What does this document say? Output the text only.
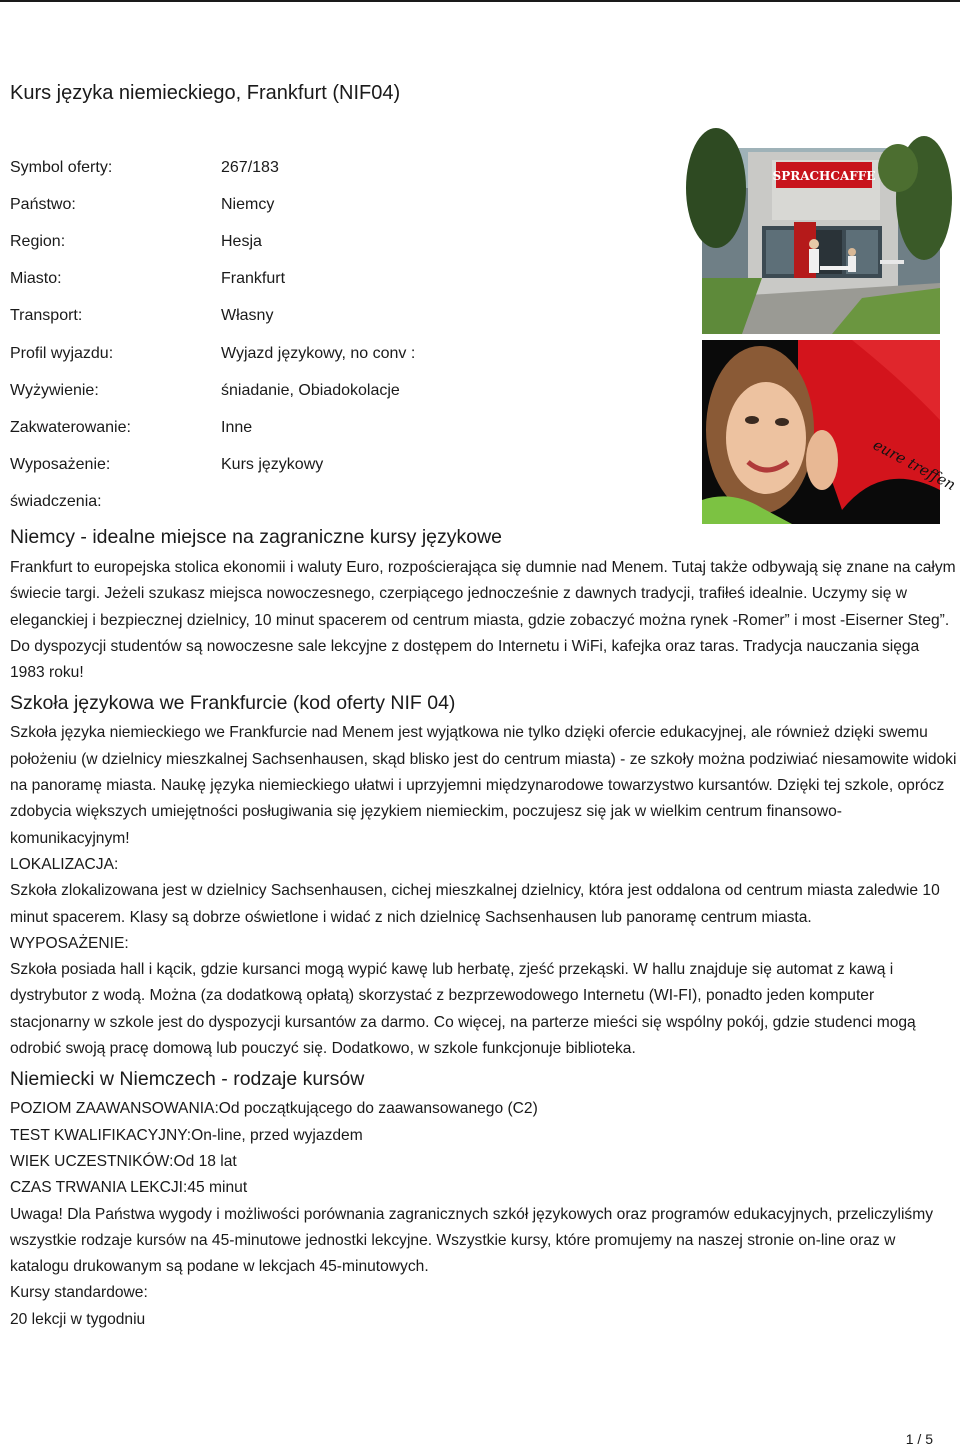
Kurs języka niemieckiego, Frankfurt (NIF04)
Symbol oferty:	267/183
Państwo:	Niemcy
Region:	Hesja
Miasto:	Frankfurt
Transport:	Własny
Profil wyjazdu:	Wyjazd językowy, no conv :
Wyżywienie:	śniadanie, Obiadokolacje
Zakwaterowanie:	Inne
Wyposażenie:	Kurs językowy
świadczenia:
SPRACHCAFFE
eure treffen
Niemcy - idealne miejsce na zagraniczne kursy językowe

Frankfurt to europejska stolica ekonomii i waluty Euro, rozpościerająca się dumnie nad Menem. Tutaj także odbywają się znane na całym świecie targi. Jeżeli szukasz miejsca nowoczesnego, czerpiącego jednocześnie z dawnych tradycji, trafiłeś idealnie. Uczymy się w eleganckiej i bezpiecznej dzielnicy, 10 minut spacerem od centrum miasta, gdzie zobaczyć można rynek -Romer” i most -Eiserner Steg”. Do dyspozycji studentów są nowoczesne sale lekcyjne z dostępem do Internetu i WiFi, kafejka oraz taras. Tradycja nauczania sięga 1983 roku!

Szkoła językowa we Frankfurcie (kod oferty NIF 04)

Szkoła języka niemieckiego we Frankfurcie nad Menem jest wyjątkowa nie tylko dzięki ofercie edukacyjnej, ale również dzięki swemu położeniu (w dzielnicy mieszkalnej Sachsenhausen, skąd blisko jest do centrum miasta) - ze szkoły można podziwiać niesamowite widoki na panoramę miasta. Naukę języka niemieckiego ułatwi i uprzyjemni międzynarodowe towarzystwo kursantów. Dzięki tej szkole, oprócz zdobycia większych umiejętności posługiwania się językiem niemieckim, poczujesz się jak w wielkim centrum finansowo-komunikacyjnym!

LOKALIZACJA:

Szkoła zlokalizowana jest w dzielnicy Sachsenhausen, cichej mieszkalnej dzielnicy, która jest oddalona od centrum miasta zaledwie 10 minut spacerem. Klasy są dobrze oświetlone i widać z nich dzielnicę Sachsenhausen lub panoramę centrum miasta.

WYPOSAŻENIE:

Szkoła posiada hall i kącik, gdzie kursanci mogą wypić kawę lub herbatę, zjeść przekąski. W hallu znajduje się automat z kawą i dystrybutor z wodą. Można (za dodatkową opłatą) skorzystać z bezprzewodowego Internetu (WI-FI), ponadto jeden komputer stacjonarny w szkole jest do dyspozycji kursantów za darmo. Co więcej, na parterze mieści się wspólny pokój, gdzie studenci mogą odrobić swoją pracę domową lub pouczyć się. Dodatkowo, w szkole funkcjonuje biblioteka.

Niemiecki w Niemczech - rodzaje kursów

POZIOM ZAAWANSOWANIA:Od początkującego do zaawansowanego (C2)

TEST KWALIFIKACYJNY:On-line, przed wyjazdem

WIEK UCZESTNIKÓW:Od 18 lat

CZAS TRWANIA LEKCJI:45 minut

Uwaga! Dla Państwa wygody i możliwości porównania zagranicznych szkół językowych oraz programów edukacyjnych, przeliczyliśmy wszystkie rodzaje kursów na 45-minutowe jednostki lekcyjne. Wszystkie kursy, które promujemy na naszej stronie on-line oraz w katalogu drukowanym są podane w lekcjach 45-minutowych.

Kursy standardowe:

20 lekcji w tygodniu

1 / 5
